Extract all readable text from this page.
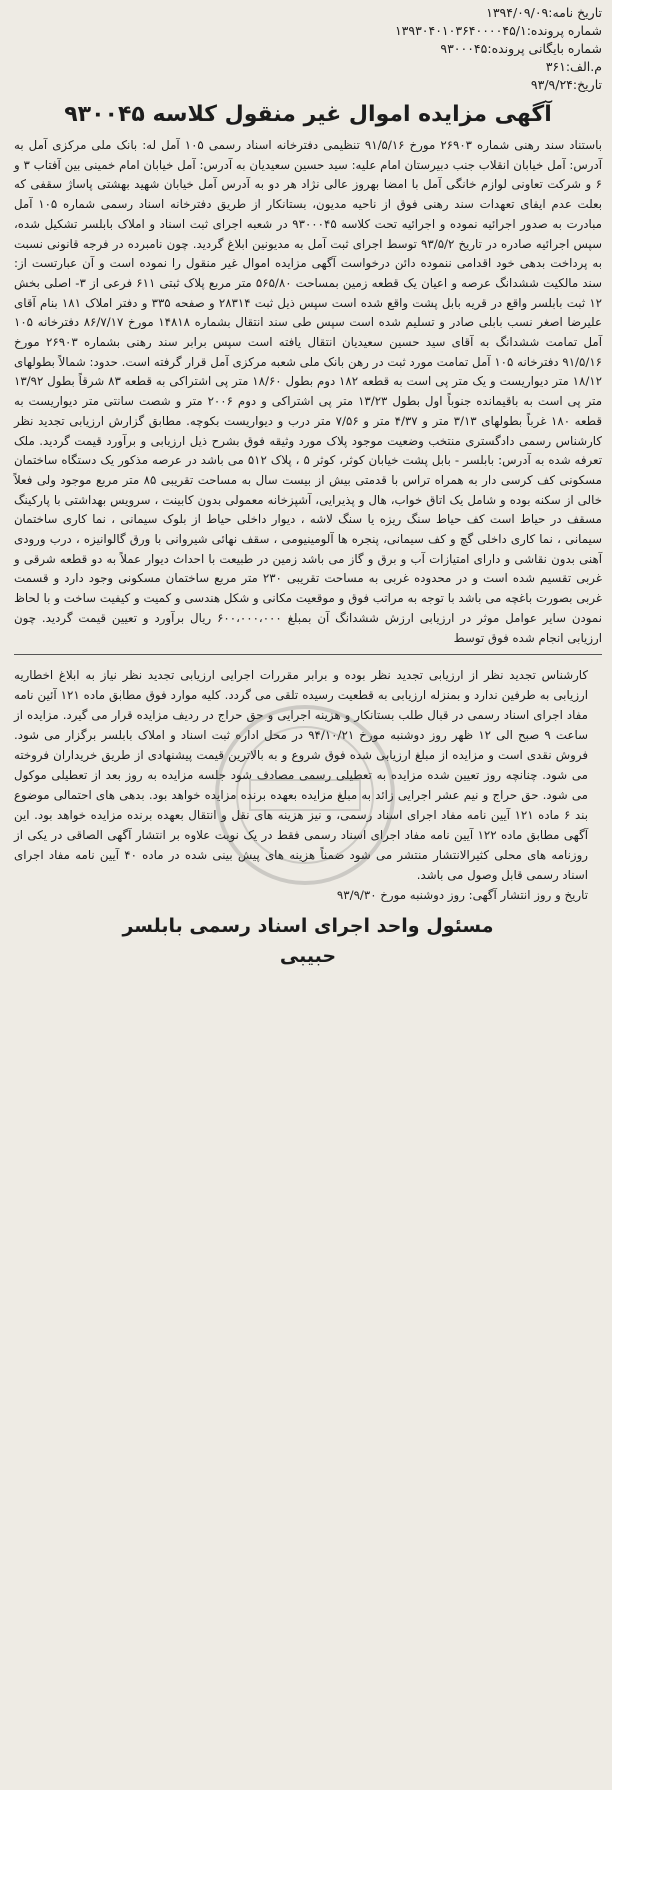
تاریخ نامه:۱۳۹۴/۰۹/۰۹

شماره پرونده:۱۳۹۳۰۴۰۱۰۳۶۴۰۰۰۰۴۵/۱

شماره بایگانی پرونده:۹۳۰۰۰۴۵

م.الف:۳۶۱

تاریخ:۹۳/۹/۲۴

آگهی مزایده اموال غیر منقول کلاسه ۹۳۰۰۴۵

باستناد سند رهنی شماره ۲۶۹۰۳ مورخ ۹۱/۵/۱۶ تنظیمی دفترخانه اسناد رسمی ۱۰۵ آمل له: بانک ملی مرکزی آمل به آدرس: آمل خیابان انقلاب جنب دبیرستان امام علیه: سید حسین سعیدیان به آدرس: آمل خیابان امام خمینی بین آفتاب ۳ و ۶ و شرکت تعاونی لوازم خانگی آمل با امضا بهروز عالی نژاد هر دو به آدرس آمل خیابان شهید بهشتی پاساژ سقفی که بعلت عدم ایفای تعهدات سند رهنی فوق از ناحیه مدیون، بستانکار از طریق دفترخانه اسناد رسمی شماره ۱۰۵ آمل مبادرت به صدور اجرائیه نموده و اجرائیه تحت کلاسه ۹۳۰۰۰۴۵ در شعبه اجرای ثبت اسناد و املاک بابلسر تشکیل شده، سپس اجرائیه صادره در تاریخ ۹۳/۵/۲ توسط اجرای ثبت آمل به مدیونین ابلاغ گردید. چون نامبرده در فرجه قانونی نسبت به پرداخت بدهی خود اقدامی ننموده دائن درخواست آگهی مزایده اموال غیر منقول را نموده است و آن عبارتست از: سند مالکیت ششدانگ عرصه و اعیان یک قطعه زمین بمساحت ۵۶۵/۸۰ متر مربع پلاک ثبتی ۶۱۱ فرعی از ۳- اصلی بخش ۱۲ ثبت بابلسر واقع در قریه بابل پشت واقع شده است سپس ذیل ثبت ۲۸۳۱۴ و صفحه ۳۳۵ و دفتر املاک ۱۸۱ بنام آقای علیرضا اصغر نسب بابلی صادر و تسلیم شده است سپس طی سند انتقال بشماره ۱۴۸۱۸ مورخ ۸۶/۷/۱۷ دفترخانه ۱۰۵ آمل تمامت ششدانگ به آقای سید حسین سعیدیان انتقال یافته است سپس برابر سند رهنی بشماره ۲۶۹۰۳ مورخ ۹۱/۵/۱۶ دفترخانه ۱۰۵ آمل تمامت مورد ثبت در رهن بانک ملی شعبه مرکزی آمل قرار گرفته است. حدود: شمالاً بطولهای ۱۸/۱۲ متر دیواریست و یک متر پی است به قطعه ۱۸۲ دوم بطول ۱۸/۶۰ متر پی اشتراکی به قطعه ۸۳ شرقاً بطول ۱۳/۹۲ متر پی است به باقیمانده جنوباً اول بطول ۱۳/۲۳ متر پی اشتراکی و دوم ۲۰۰۶ متر و شصت سانتی متر دیواریست به قطعه ۱۸۰ غرباً بطولهای ۳/۱۳ متر و ۴/۳۷ متر و ۷/۵۶ متر درب و دیواریست بکوچه. مطابق گزارش ارزیابی تجدید نظر کارشناس رسمی دادگستری منتخب وضعیت موجود پلاک مورد وثیقه فوق بشرح ذیل ارزیابی و برآورد قیمت گردید. ملک تعرفه شده به آدرس: بابلسر - بابل پشت خیابان کوثر، کوثر ۵ ، پلاک ۵۱۲ می باشد در عرصه مذکور یک دستگاه ساختمان مسکونی کف کرسی دار به همراه تراس با قدمتی بیش از بیست سال به مساحت تقریبی ۸۵ متر مربع موجود ولی فعلاً خالی از سکنه بوده و شامل یک اتاق خواب، هال و پذیرایی، آشپزخانه معمولی بدون کابینت ، سرویس بهداشتی با پارکینگ مسقف در حیاط است کف حیاط سنگ ریزه یا سنگ لاشه ، دیوار داخلی حیاط از بلوک سیمانی ، نما کاری ساختمان سیمانی ، نما کاری داخلی گچ و کف سیمانی، پنجره ها آلومینیومی ، سقف نهائی شیروانی با ورق گالوانیزه ، درب ورودی آهنی بدون نقاشی و دارای امتیازات آب و برق و گاز می باشد زمین در طبیعت با احداث دیوار عملاً به دو قطعه شرقی و غربی تقسیم شده است و در محدوده غربی به مساحت تقریبی ۲۳۰ متر مربع ساختمان مسکونی وجود دارد و قسمت غربی بصورت باغچه می باشد با توجه به مراتب فوق و موقعیت مکانی و شکل هندسی و کمیت و کیفیت ساخت و با لحاظ نمودن سایر عوامل موثر در ارزیابی ارزش ششدانگ آن بمبلغ ۶۰۰،۰۰۰،۰۰۰ ریال برآورد و تعیین قیمت گردید. چون ارزیابی انجام شده فوق توسط

کارشناس تجدید نظر از ارزیابی تجدید نظر بوده و برابر مقررات اجرایی ارزیابی تجدید نظر نیاز به ابلاغ اخطاریه ارزیابی به طرفین ندارد و بمنزله ارزیابی به قطعیت رسیده تلقی می گردد. کلیه موارد فوق مطابق ماده ۱۲۱ آئین نامه مفاد اجرای اسناد رسمی در قبال طلب بستانکار و هزینه اجرایی و حق حراج در ردیف مزایده قرار می گیرد. مزایده از ساعت ۹ صبح الی ۱۲ ظهر روز دوشنبه مورخ ۹۴/۱۰/۲۱ در محل اداره ثبت اسناد و املاک بابلسر برگزار می شود. فروش نقدی است و مزایده از مبلغ ارزیابی شده فوق شروع و به بالاترین قیمت پیشنهادی از طریق خریداران فروخته می شود. چنانچه روز تعیین شده مزایده به تعطیلی رسمی مصادف شود جلسه مزایده به روز بعد از تعطیلی موکول می شود. حق حراج و نیم عشر اجرایی زائد به مبلغ مزایده بعهده برنده مزایده خواهد بود. بدهی های احتمالی موضوع بند ۶ ماده ۱۲۱ آیین نامه مفاد اجرای اسناد رسمی، و نیز هزینه های نقل و انتقال بعهده برنده مزایده خواهد بود. این آگهی مطابق ماده ۱۲۲ آیین نامه مفاد اجرای اسناد رسمی فقط در یک نوبت علاوه بر انتشار آگهی الصاقی در یکی از روزنامه های محلی کثیرالانتشار منتشر می شود ضمناً هزینه های پیش بینی شده در ماده ۴۰ آیین نامه مفاد اجرای اسناد رسمی قابل وصول می باشد.

تاریخ و روز انتشار آگهی: روز دوشنبه مورخ ۹۳/۹/۳۰

مسئول واحد اجرای اسناد رسمی بابلسر

حبیبی
